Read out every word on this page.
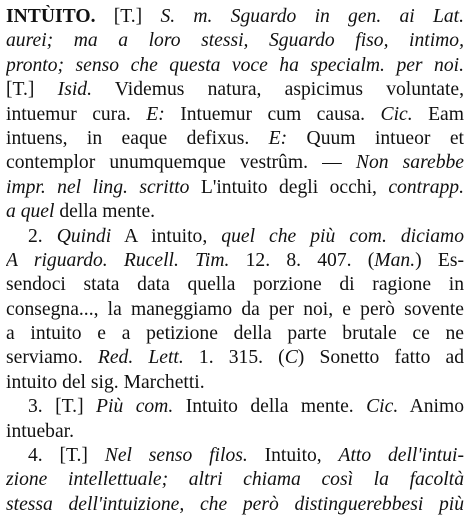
INTÙITO. [T.] S. m. Sguardo in gen. ai Lat.
aurei; ma a loro stessi, Sguardo fiso, intimo,
pronto; senso che questa voce ha specialm. per noi.
[T.] Isid. Videmus natura, aspicimus voluntate,
intuemur cura. E: Intuemur cum causa. Cic. Eam
intuens, in eaque defixus. E: Quum intueor et
contemplor unumquemque vestrûm. — Non sarebbe
impr. nel ling. scritto L'intuito degli occhi, contrapp.
a quel della mente.
2. Quindi A intuito, quel che più com. diciamo
A riguardo. Rucell. Tim. 12. 8. 407. (Man.) Es-
sendoci stata data quella porzione di ragione in
consegna..., la maneggiamo da per noi, e però sovente
a intuito e a petizione della parte brutale ce ne
serviamo. Red. Lett. 1. 315. (C) Sonetto fatto ad
intuito del sig. Marchetti.
3. [T.] Più com. Intuito della mente. Cic. Animo
intuebar.
4. [T.] Nel senso filos. Intuito, Atto dell'intui-
zione intellettuale; altri chiama così la facoltà
stessa dell'intuizione, che però distinguerebbesi più
